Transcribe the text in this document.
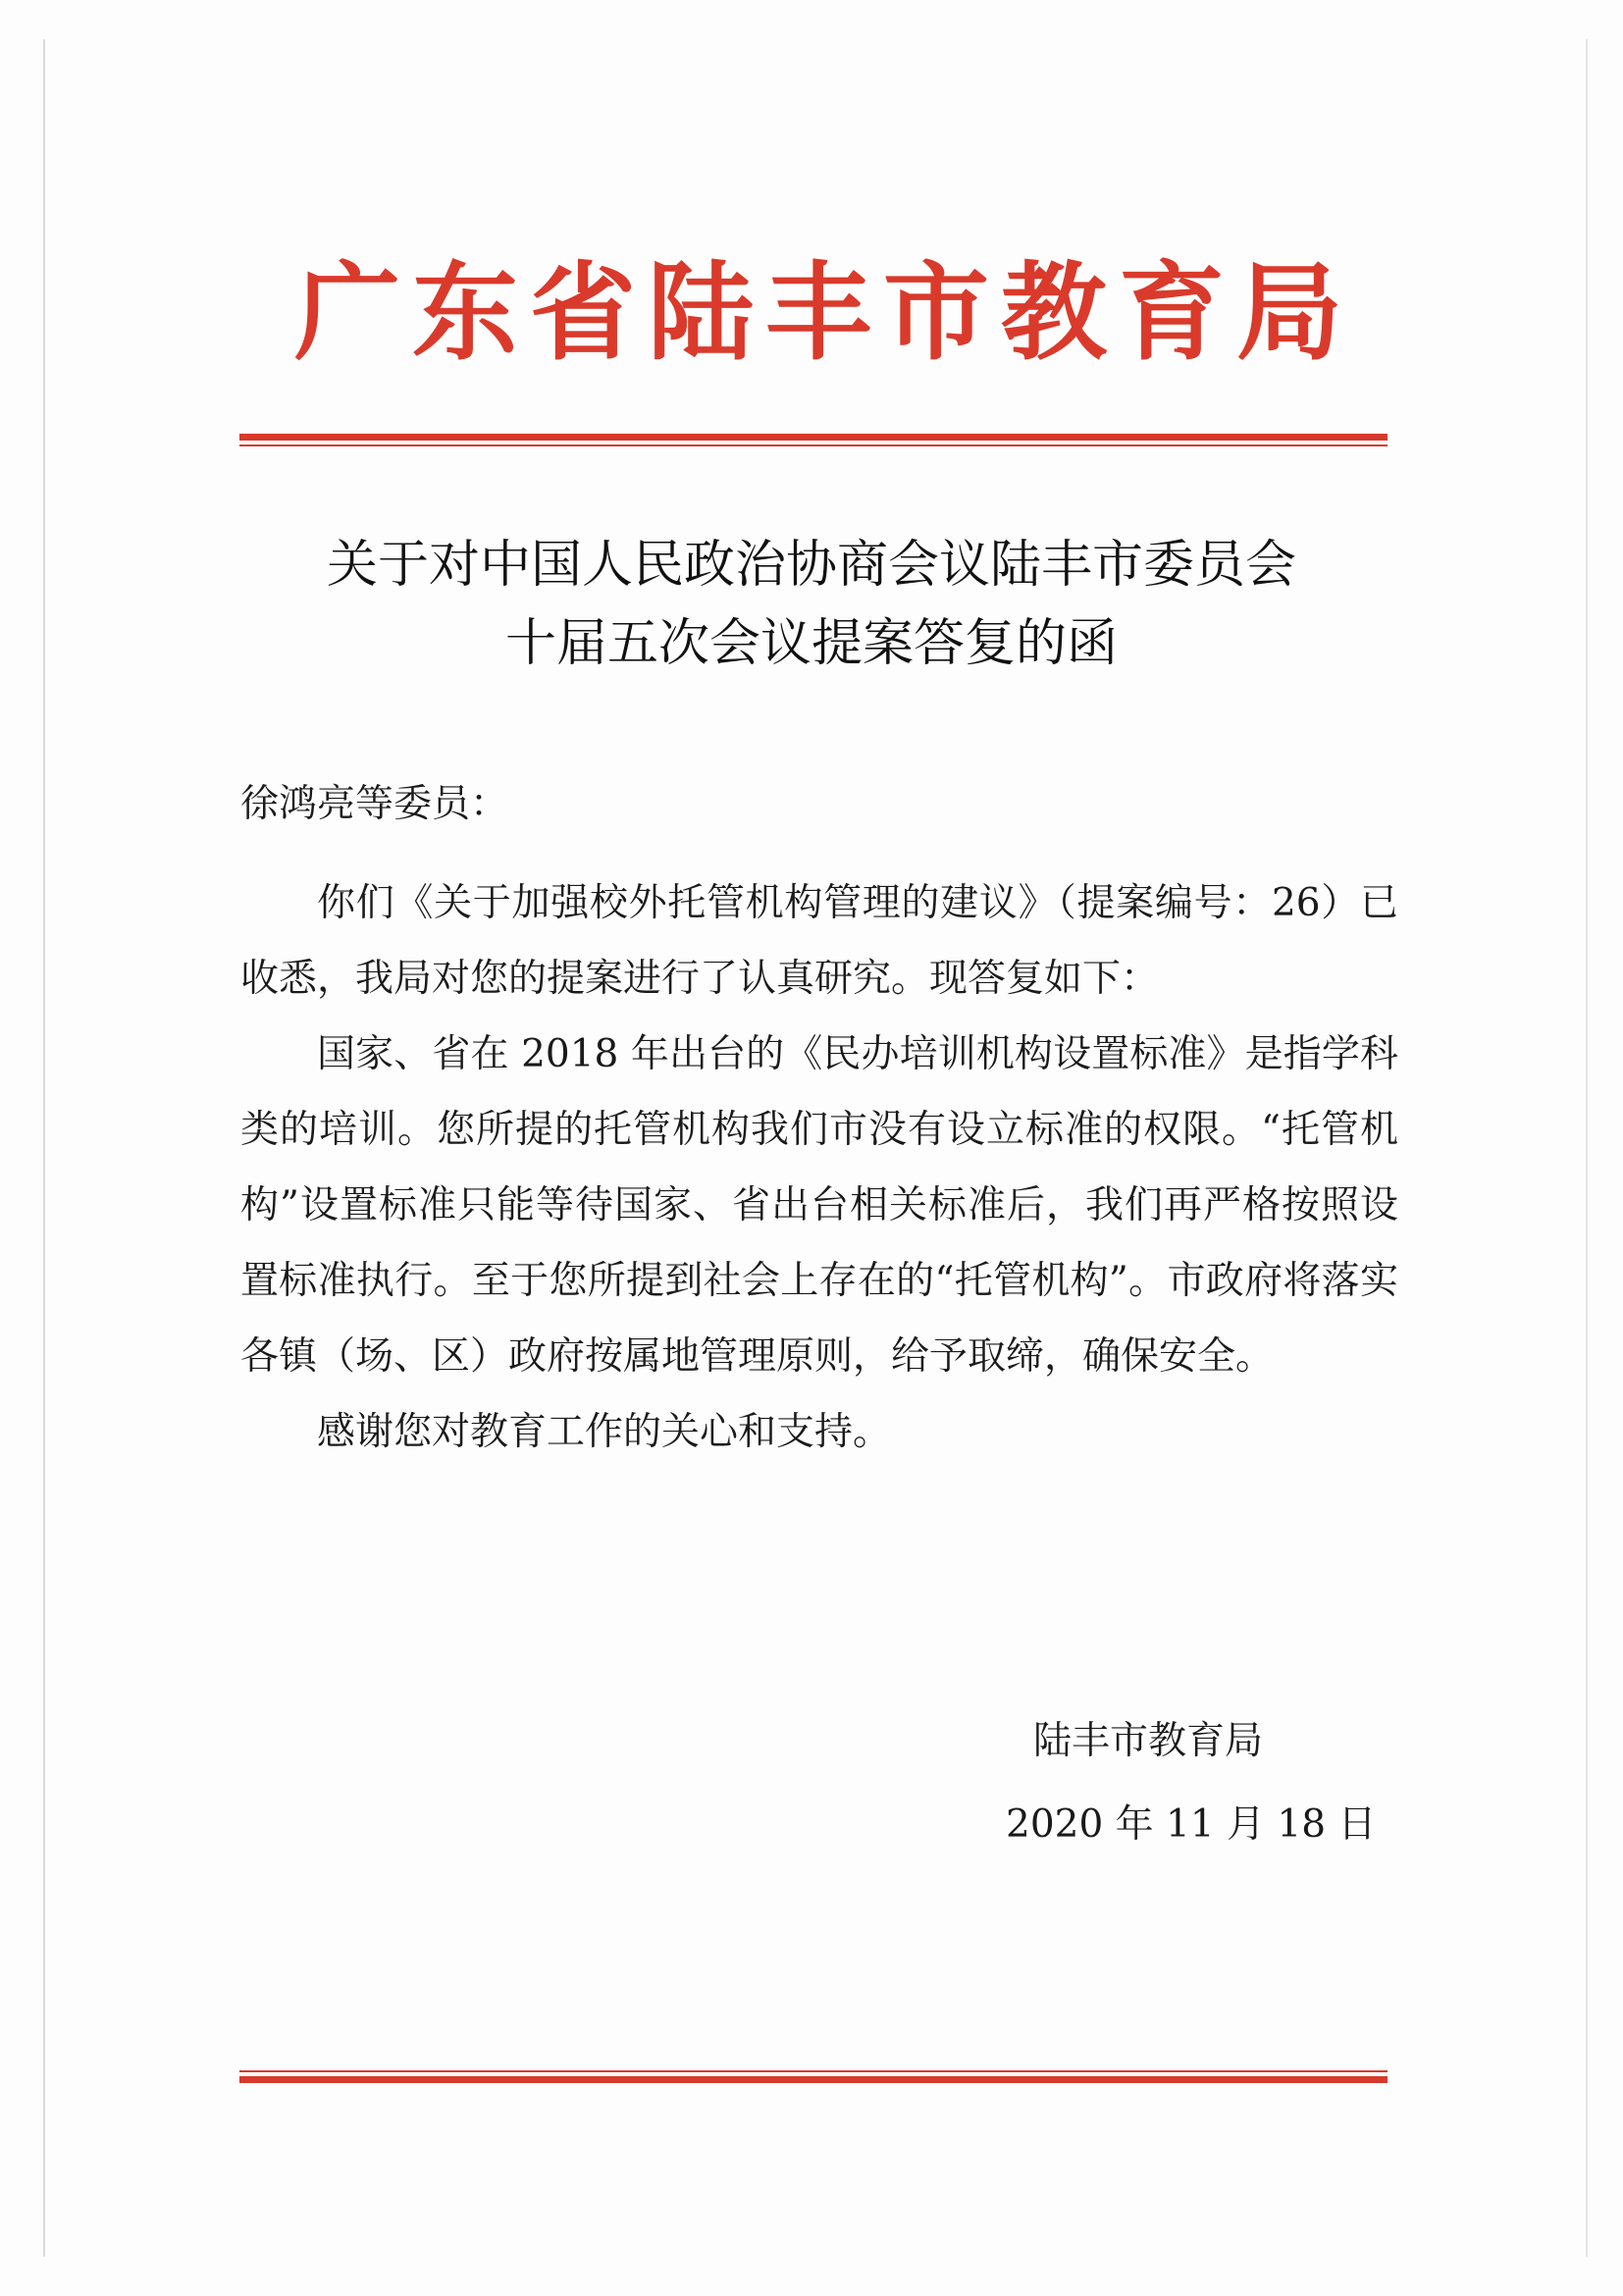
广东省陆丰市教育局
关于对中国人民政治协商会议陆丰市委员会
十届五次会议提案答复的函
徐鸿亮等委员：

你们《关于加强校外托管机构管理的建议》（提案编号：26）已收悉，我局对您的提案进行了认真研究。现答复如下：

国家、省在 2018 年出台的《民办培训机构设置标准》是指学科类的培训。您所提的托管机构我们市没有设立标准的权限。“托管机构”设置标准只能等待国家、省出台相关标准后，我们再严格按照设置标准执行。至于您所提到社会上存在的“托管机构”。市政府将落实各镇（场、区）政府按属地管理原则，给予取缔，确保安全。

感谢您对教育工作的关心和支持。

陆丰市教育局
2020 年 11 月 18 日
